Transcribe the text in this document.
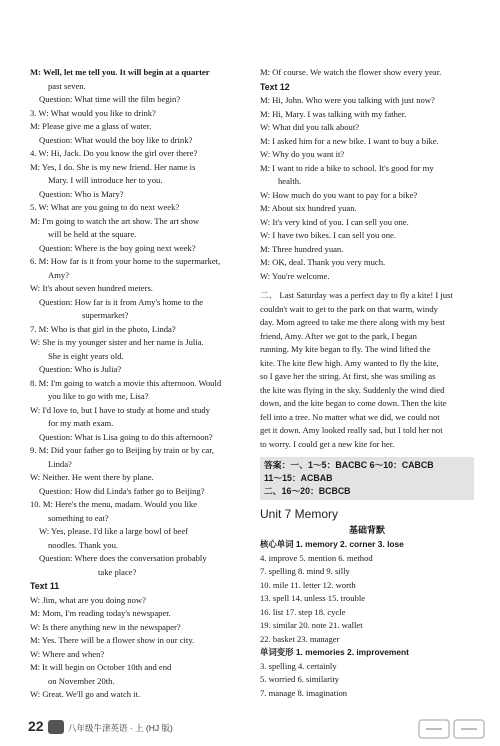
M: Well, let me tell you. It will begin at a quarter
past seven.
Question: What time will the film begin?
3. W: What would you like to drink?
M: Please give me a glass of water.
Question: What would the boy like to drink?
4. W: Hi, Jack. Do you know the girl over there?
M: Yes, I do. She is my new friend. Her name is
Mary. I will introduce her to you.
Question: Who is Mary?
5. W: What are you going to do next week?
M: I'm going to watch the art show. The art show
will be held at the square.
Question: Where is the boy going next week?
6. M: How far is it from your home to the supermarket,
Amy?
W: It's about seven hundred meters.
Question: How far is it from Amy's home to the
supermarket?
7. M: Who is that girl in the photo, Linda?
W: She is my younger sister and her name is Julia.
She is eight years old.
Question: Who is Julia?
8. M: I'm going to watch a movie this afternoon. Would
you like to go with me, Lisa?
W: I'd love to, but I have to study at home and study
for my math exam.
Question: What is Lisa going to do this afternoon?
9. M: Did your father go to Beijing by train or by car,
Linda?
W: Neither. He went there by plane.
Question: How did Linda's father go to Beijing?
10. M: Here's the menu, madam. Would you like
something to eat?
W: Yes, please. I'd like a large bowl of beef
noodles. Thank you.
Question: Where does the conversation probably
take place?
Text 11
W: Jim, what are you doing now?
M: Mom, I'm reading today's newspaper.
W: Is there anything new in the newspaper?
M: Yes. There will be a flower show in our city.
W: Where and when?
M: It will begin on October 10th and end
on November 20th.
W: Great. We'll go and watch it.
M: Of course. We watch the flower show every year.
Text 12
M: Hi, John. Who were you talking with just now?
M: Hi, Mary. I was talking with my father.
W: What did you talk about?
M: I asked him for a new bike. I want to buy a bike.
W: Why do you want it?
M: I want to ride a bike to school. It's good for my
health.
W: How much do you want to pay for a bike?
M: About six hundred yuan.
W: It's very kind of you. I can sell you one.
W: I have two bikes. I can sell you one.
M: Three hundred yuan.
M: OK, deal. Thank you very much.
W: You're welcome.
二、 Last Saturday was a perfect day to fly a kite! I just
couldn't wait to get to the park on that warm, windy
day. Mom agreed to take me there along with my best
friend, Amy. After we got to the park, I began
running. My kite began to fly. The wind lifted the
kite. The kite flew high. Amy wanted to fly the kite,
so I gave her the string. At first, she was smiling as
the kite was flying in the sky. Suddenly the wind died
down, and the kite began to come down. Then the kite
fell into a tree. No matter what we did, we could not
get it down. Amy looked really sad, but I told her not
to worry. I could get a new kite for her.
答案：一、1～5：BACBC 6～10：CABCB
11～15：ACBAB
二、16～20：BCBCB
Unit 7 Memory
基础背默
核心单词 1. memory 2. corner 3. lose
4. improve 5. mention 6. method
7. spelling 8. mind 9. silly
10. mile 11. letter 12. worth
13. spell 14. unless 15. trouble
16. list 17. step 18. cycle
19. similar 20. note 21. wallet
22. basket 23. manager
单词变形 1. memories 2. improvement
3. spelling 4. certainly
5. worried 6. similarity
7. manage 8. imagination
22	八年级牛津英语 · 上 (HJ 版)
